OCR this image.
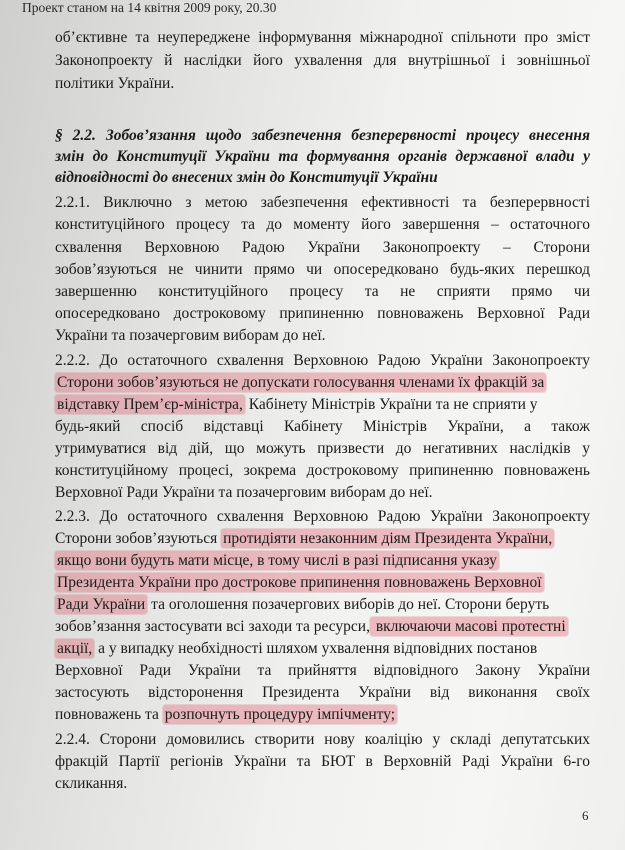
Проект станом на 14 квітня 2009 року, 20.30
об’єктивне та неупереджене інформування міжнародної спільноти про зміст
Законопроекту й наслідки його ухвалення для внутрішньої і зовнішньої
політики України.
§ 2.2. Зобов’язання щодо забезпечення безперервності процесу внесення
змін до Конституції України та формування органів державної влади у
відповідності до внесених змін до Конституції України
2.2.1. Виключно з метою забезпечення ефективності та безперервності
конституційного процесу та до моменту його завершення – остаточного
схвалення Верховною Радою України Законопроекту – Сторони
зобов’язуються не чинити прямо чи опосередковано будь-яких перешкод
завершенню конституційного процесу та не сприяти прямо чи
опосередковано достроковому припиненню повноважень Верховної Ради
України та позачерговим виборам до неї.
2.2.2. До остаточного схвалення Верховною Радою України Законопроекту
Сторони зобов’язуються не допускати голосування членами їх фракцій за
відставку Прем’єр-міністра, Кабінету Міністрів України та не сприяти у
будь-який спосіб відставці Кабінету Міністрів України, а також
утримуватися від дій, що можуть призвести до негативних наслідків у
конституційному процесі, зокрема достроковому припиненню повноважень
Верховної Ради України та позачерговим виборам до неї.
2.2.3. До остаточного схвалення Верховною Радою України Законопроекту
Сторони зобов’язуються протидіяти незаконним діям Президента України,
якщо вони будуть мати місце, в тому числі в разі підписання указу
Президента України про дострокове припинення повноважень Верховної
Ради України та оголошення позачергових виборів до неї. Сторони беруть
зобов’язання застосувати всі заходи та ресурси, включаючи масові протестні
акції, а у випадку необхідності шляхом ухвалення відповідних постанов
Верховної Ради України та прийняття відповідного Закону України
застосують відсторонення Президента України від виконання своїх
повноважень та розпочнуть процедуру імпічменту;
2.2.4. Сторони домовились створити нову коаліцію у складі депутатських
фракцій Партії регіонів України та БЮТ в Верховній Раді України 6-го
скликання.
6
